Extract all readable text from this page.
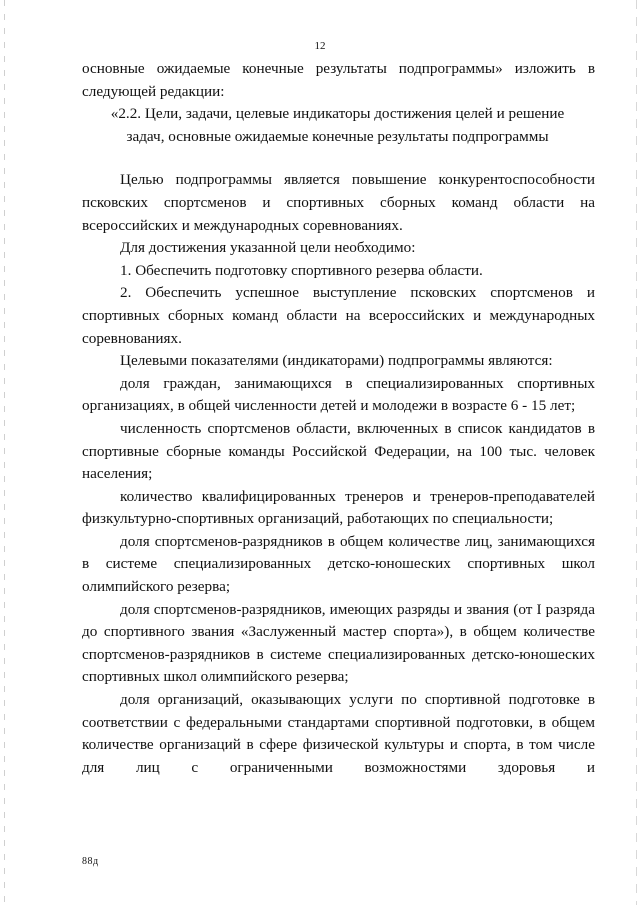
12

основные ожидаемые конечные результаты подпрограммы» изложить в следующей редакции:

«2.2. Цели, задачи, целевые индикаторы достижения целей и решение

задач, основные ожидаемые конечные результаты подпрограммы

Целью подпрограммы является повышение конкурентоспособности псковских спортсменов и спортивных сборных команд области на всероссийских и международных соревнованиях.

Для достижения указанной цели необходимо:

1. Обеспечить подготовку спортивного резерва области.

2. Обеспечить успешное выступление псковских спортсменов и спортивных сборных команд области на всероссийских и международных соревнованиях.

Целевыми показателями (индикаторами) подпрограммы являются:

доля граждан, занимающихся в специализированных спортивных организациях, в общей численности детей и молодежи в возрасте 6 - 15 лет;

численность спортсменов области, включенных в список кандидатов в спортивные сборные команды Российской Федерации, на 100 тыс. человек населения;

количество квалифицированных тренеров и тренеров-преподавателей физкультурно-спортивных организаций, работающих по специальности;

доля спортсменов-разрядников в общем количестве лиц, занимающихся в системе специализированных детско-юношеских спортивных школ олимпийского резерва;

доля спортсменов-разрядников, имеющих разряды и звания (от I разряда до спортивного звания «Заслуженный мастер спорта»), в общем количестве спортсменов-разрядников в системе специализированных детско-юношеских спортивных школ олимпийского резерва;

доля организаций, оказывающих услуги по спортивной подготовке в соответствии с федеральными стандартами спортивной подготовки, в общем количестве организаций в сфере физической культуры и спорта, в том числе для лиц с ограниченными возможностями здоровья и

88д
